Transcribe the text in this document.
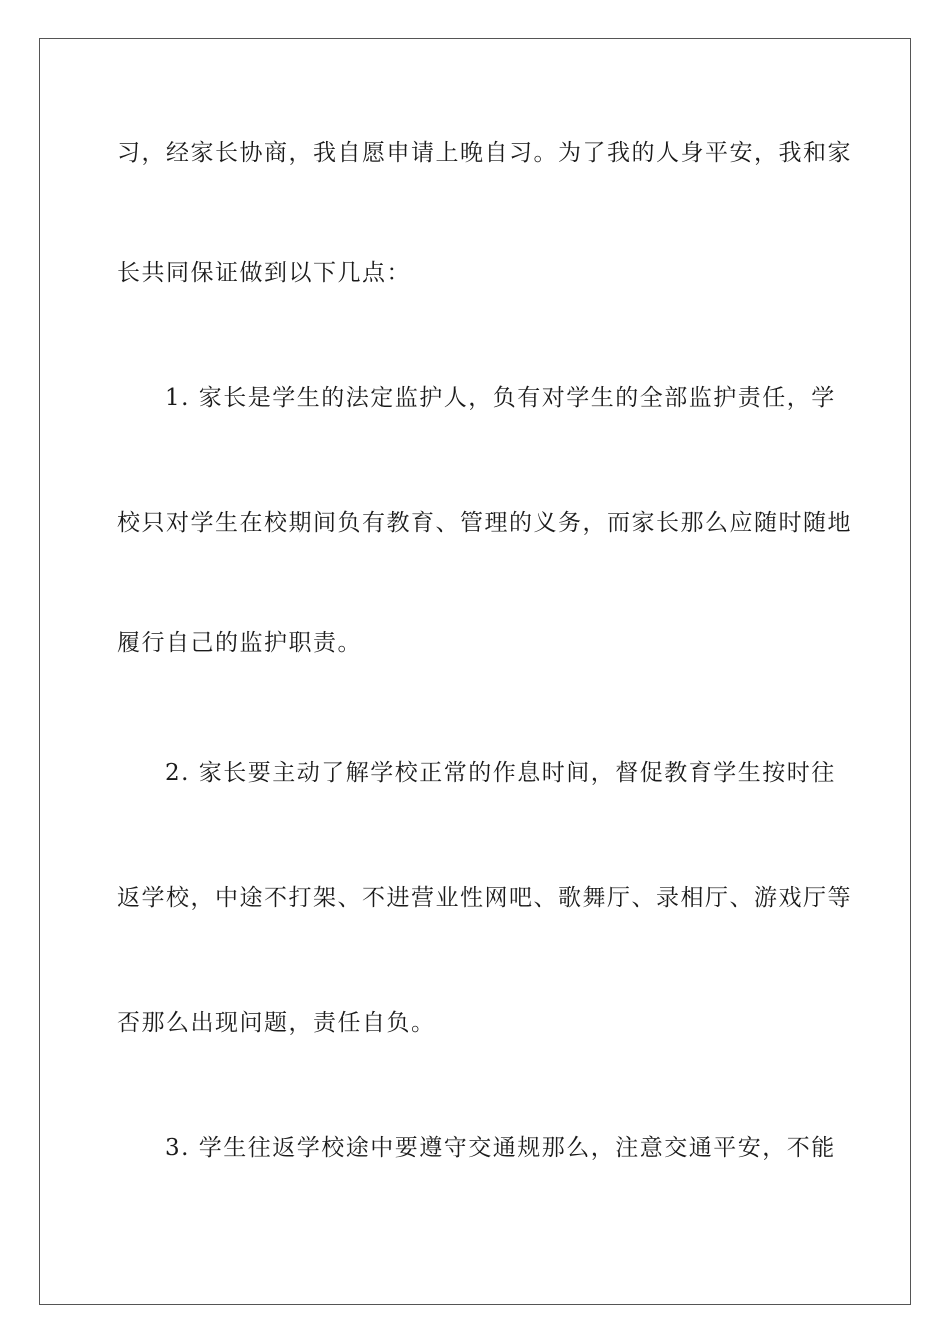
习，经家长协商，我自愿申请上晚自习。为了我的人身平安，我和家
长共同保证做到以下几点：
1. 家长是学生的法定监护人，负有对学生的全部监护责任，学
校只对学生在校期间负有教育、管理的义务，而家长那么应随时随地
履行自己的监护职责。
2. 家长要主动了解学校正常的作息时间，督促教育学生按时往
返学校，中途不打架、不进营业性网吧、歌舞厅、录相厅、游戏厅等
否那么出现问题，责任自负。
3. 学生往返学校途中要遵守交通规那么，注意交通平安，不能
